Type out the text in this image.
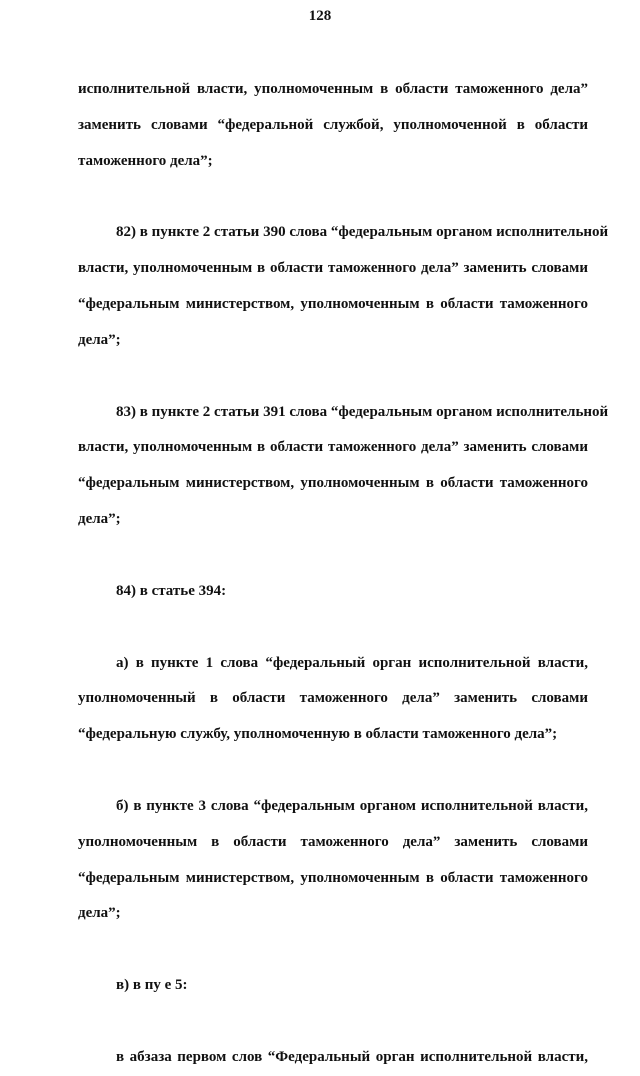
128
исполнительной власти, уполномоченным в области таможенного дела”
заменить словами “федеральной службой, уполномоченной в области
таможенного дела”;
82) в пункте 2 статьи 390 слова “федеральным органом исполнительной
власти, уполномоченным в области таможенного дела” заменить словами
“федеральным министерством, уполномоченным в области таможенного
дела”;
83) в пункте 2 статьи 391 слова “федеральным органом исполнительной
власти, уполномоченным в области таможенного дела” заменить словами
“федеральным министерством, уполномоченным в области таможенного
дела”;
84) в статье 394:
а) в пункте 1 слова “федеральный орган исполнительной власти,
уполномоченный в области таможенного дела” заменить словами
“федеральную службу, уполномоченную в области таможенного дела”;
б) в пункте 3 слова “федеральным органом исполнительной власти,
уполномоченным в области таможенного дела” заменить словами
“федеральным министерством, уполномоченным в области таможенного
дела”;
в) в пу е 5:
в абзаза первом слов “Федеральный орган исполнительной власти,
